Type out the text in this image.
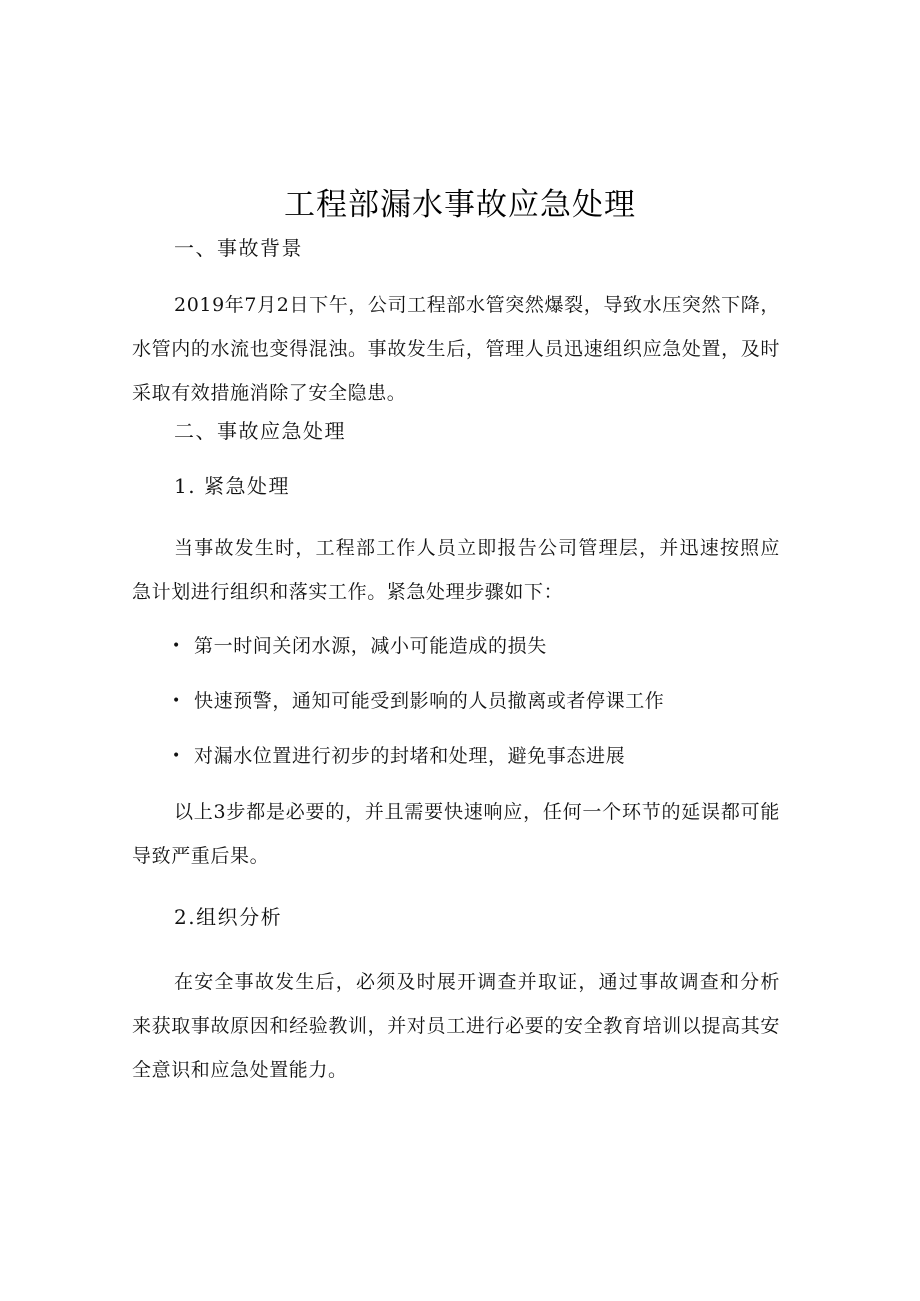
工程部漏水事故应急处理
一、事故背景

2019年7月2日下午，公司工程部水管突然爆裂，导致水压突然下降，水管内的水流也变得混浊。事故发生后，管理人员迅速组织应急处置，及时采取有效措施消除了安全隐患。

二、事故应急处理
1. 紧急处理

当事故发生时，工程部工作人员立即报告公司管理层，并迅速按照应急计划进行组织和落实工作。紧急处理步骤如下：

• 第一时间关闭水源，减小可能造成的损失
• 快速预警，通知可能受到影响的人员撤离或者停课工作
• 对漏水位置进行初步的封堵和处理，避免事态进展

以上3步都是必要的，并且需要快速响应，任何一个环节的延误都可能导致严重后果。

2.组织分析

在安全事故发生后，必须及时展开调查并取证，通过事故调查和分析来获取事故原因和经验教训，并对员工进行必要的安全教育培训以提高其安全意识和应急处置能力。
